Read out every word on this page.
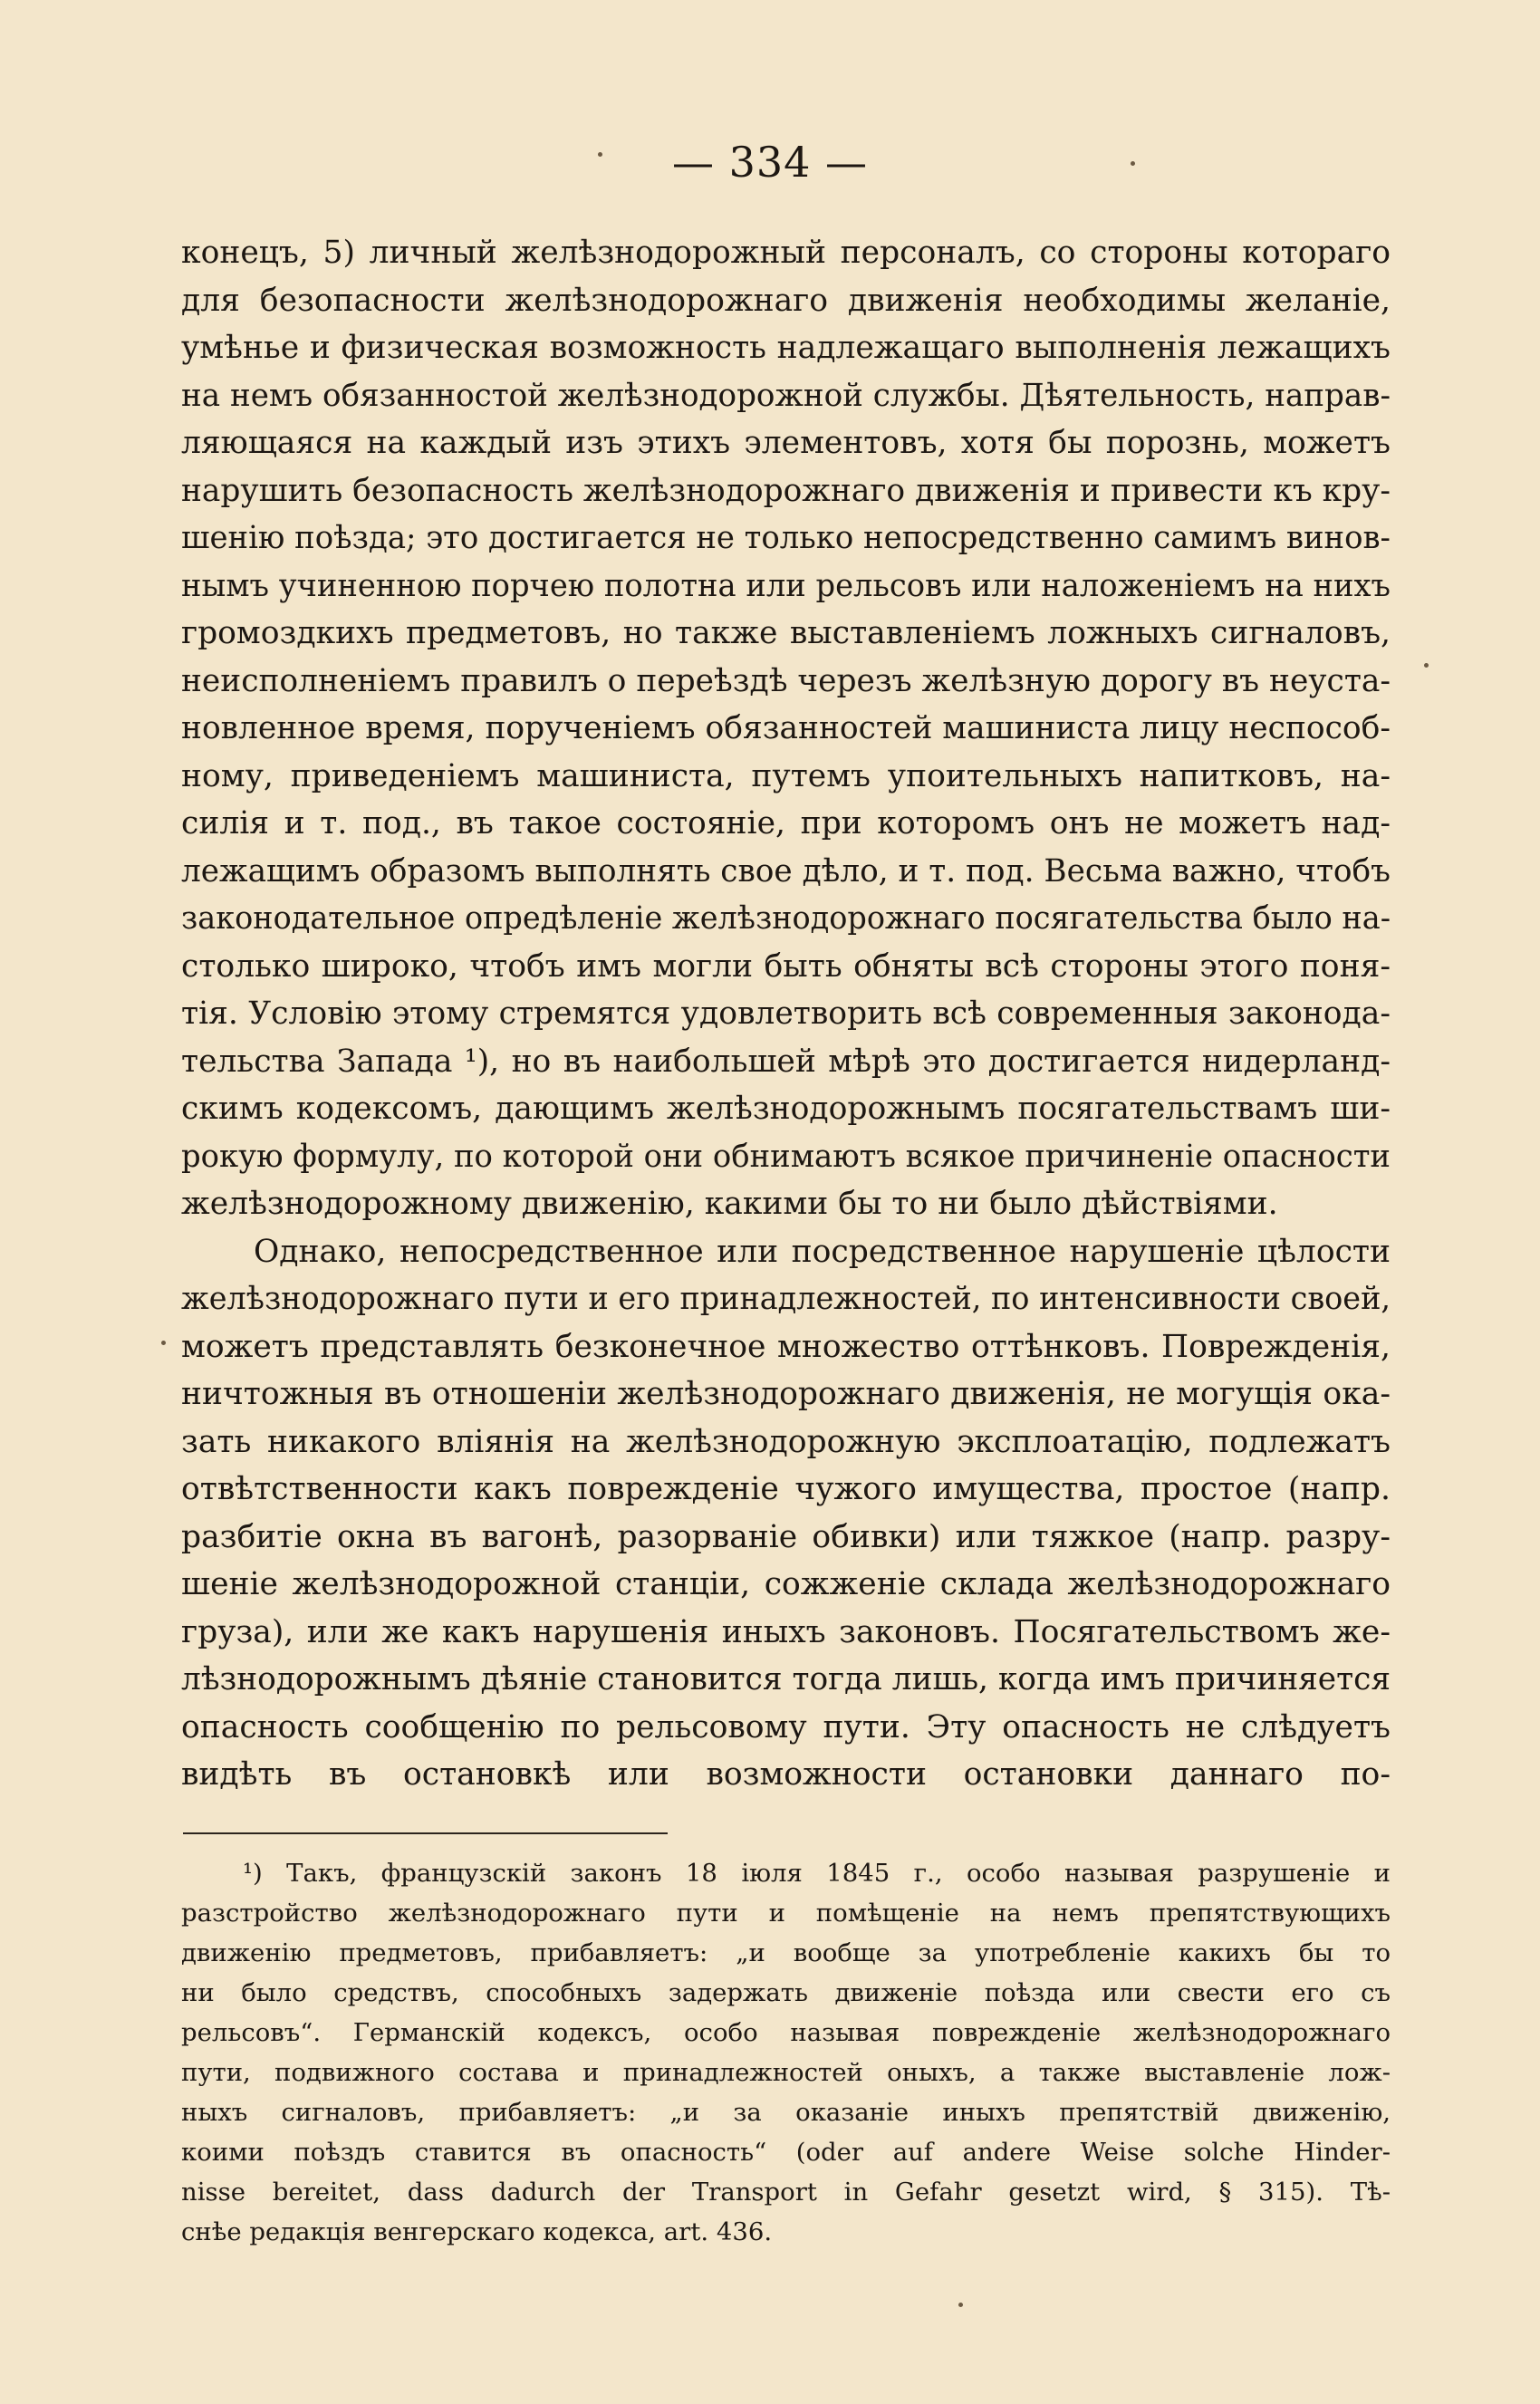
— 334 —
конецъ, 5) личный желѣзнодорожный персоналъ, со стороны котораго
для безопасности желѣзнодорожнаго движенія необходимы желаніе,
умѣнье и физическая возможность надлежащаго выполненія лежащихъ
на немъ обязанностой желѣзнодорожной службы. Дѣятельность, направ-
ляющаяся на каждый изъ этихъ элементовъ, хотя бы порознь, можетъ
нарушить безопасность желѣзнодорожнаго движенія и привести къ кру-
шенію поѣзда; это достигается не только непосредственно самимъ винов-
нымъ учиненною порчею полотна или рельсовъ или наложеніемъ на нихъ
громоздкихъ предметовъ, но также выставленіемъ ложныхъ сигналовъ,
неисполненіемъ правилъ о переѣздѣ черезъ желѣзную дорогу въ неуста-
новленное время, порученіемъ обязанностей машиниста лицу неспособ-
ному, приведеніемъ машиниста, путемъ упоительныхъ напитковъ, на-
силія и т. под., въ такое состояніе, при которомъ онъ не можетъ над-
лежащимъ образомъ выполнять свое дѣло, и т. под. Весьма важно, чтобъ
законодательное опредѣленіе желѣзнодорожнаго посягательства было на-
столько широко, чтобъ имъ могли быть обняты всѣ стороны этого поня-
тія. Условію этому стремятся удовлетворить всѣ современныя законода-
тельства Запада ¹), но въ наибольшей мѣрѣ это достигается нидерланд-
скимъ кодексомъ, дающимъ желѣзнодорожнымъ посягательствамъ ши-
рокую формулу, по которой они обнимаютъ всякое причиненіе опасности
желѣзнодорожному движенію, какими бы то ни было дѣйствіями.
Однако, непосредственное или посредственное нарушеніе цѣлости
желѣзнодорожнаго пути и его принадлежностей, по интенсивности своей,
можетъ представлять безконечное множество оттѣнковъ. Поврежденія,
ничтожныя въ отношеніи желѣзнодорожнаго движенія, не могущія ока-
зать никакого вліянія на желѣзнодорожную эксплоатацію, подлежатъ
отвѣтственности какъ поврежденіе чужого имущества, простое (напр.
разбитіе окна въ вагонѣ, разорваніе обивки) или тяжкое (напр. разру-
шеніе желѣзнодорожной станціи, сожженіе склада желѣзнодорожнаго
груза), или же какъ нарушенія иныхъ законовъ. Посягательствомъ же-
лѣзнодорожнымъ дѣяніе становится тогда лишь, когда имъ причиняется
опасность сообщенію по рельсовому пути. Эту опасность не слѣдуетъ
видѣть въ остановкѣ или возможности остановки даннаго по-
¹) Такъ, французскій законъ 18 іюля 1845 г., особо называя разрушеніе и
разстройство желѣзнодорожнаго пути и помѣщеніе на немъ препятствующихъ
движенію предметовъ, прибавляетъ: „и вообще за употребленіе какихъ бы то
ни было средствъ, способныхъ задержать движеніе поѣзда или свести его съ
рельсовъ“. Германскій кодексъ, особо называя поврежденіе желѣзнодорожнаго
пути, подвижного состава и принадлежностей оныхъ, а также выставленіе лож-
ныхъ сигналовъ, прибавляетъ: „и за оказаніе иныхъ препятствій движенію,
коими поѣздъ ставится въ опасность“ (oder auf andere Weise solche Hinder-
nisse bereitet, dass dadurch der Transport in Gefahr gesetzt wird, § 315). Тѣ-
снѣе редакція венгерскаго кодекса, art. 436.
